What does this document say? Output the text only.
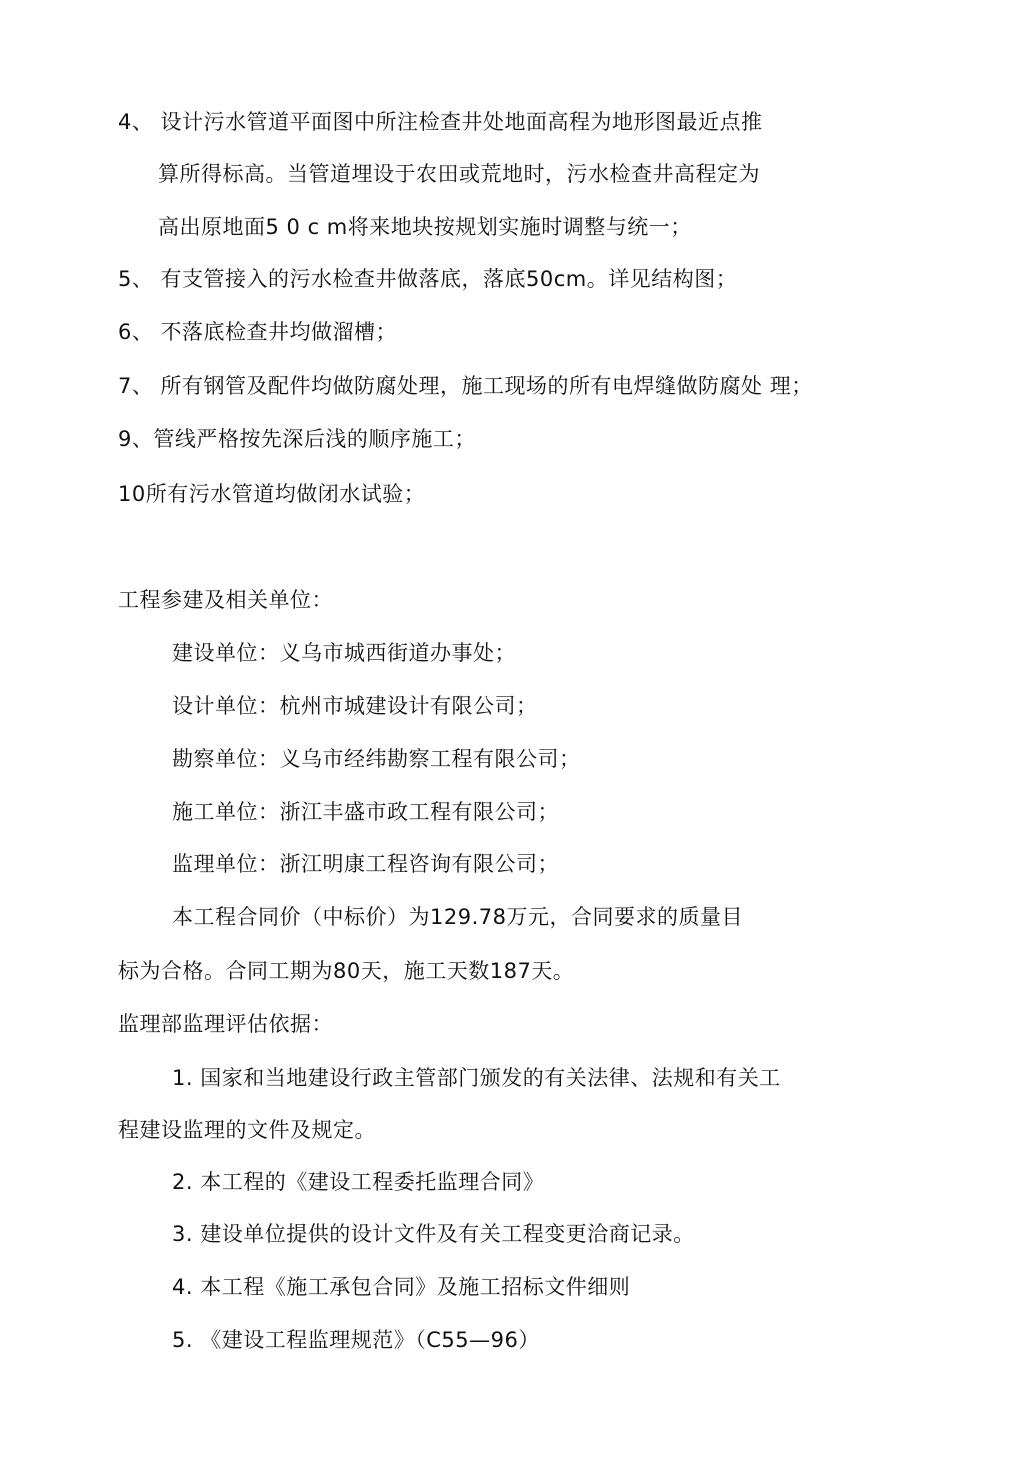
4、 设计污水管道平面图中所注检查井处地面高程为地形图最近点推
算所得标高。当管道埋设于农田或荒地时，污水检查井高程定为
高出原地面5 0 c m将来地块按规划实施时调整与统一；
5、 有支管接入的污水检查井做落底，落底50cm。详见结构图；
6、 不落底检查井均做溜槽；
7、 所有钢管及配件均做防腐处理，施工现场的所有电焊缝做防腐处 理；
9、管线严格按先深后浅的顺序施工；
10所有污水管道均做闭水试验；
工程参建及相关单位：
建设单位：义乌市城西街道办事处；
设计单位：杭州市城建设计有限公司；
勘察单位：义乌市经纬勘察工程有限公司；
施工单位：浙江丰盛市政工程有限公司；
监理单位：浙江明康工程咨询有限公司；
本工程合同价（中标价）为129.78万元，合同要求的质量目
标为合格。合同工期为80天，施工天数187天。
监理部监理评估依据：
1. 国家和当地建设行政主管部门颁发的有关法律、法规和有关工
程建设监理的文件及规定。
2. 本工程的《建设工程委托监理合同》
3. 建设单位提供的设计文件及有关工程变更洽商记录。
4. 本工程《施工承包合同》及施工招标文件细则
5. 《建设工程监理规范》（C55—96）
